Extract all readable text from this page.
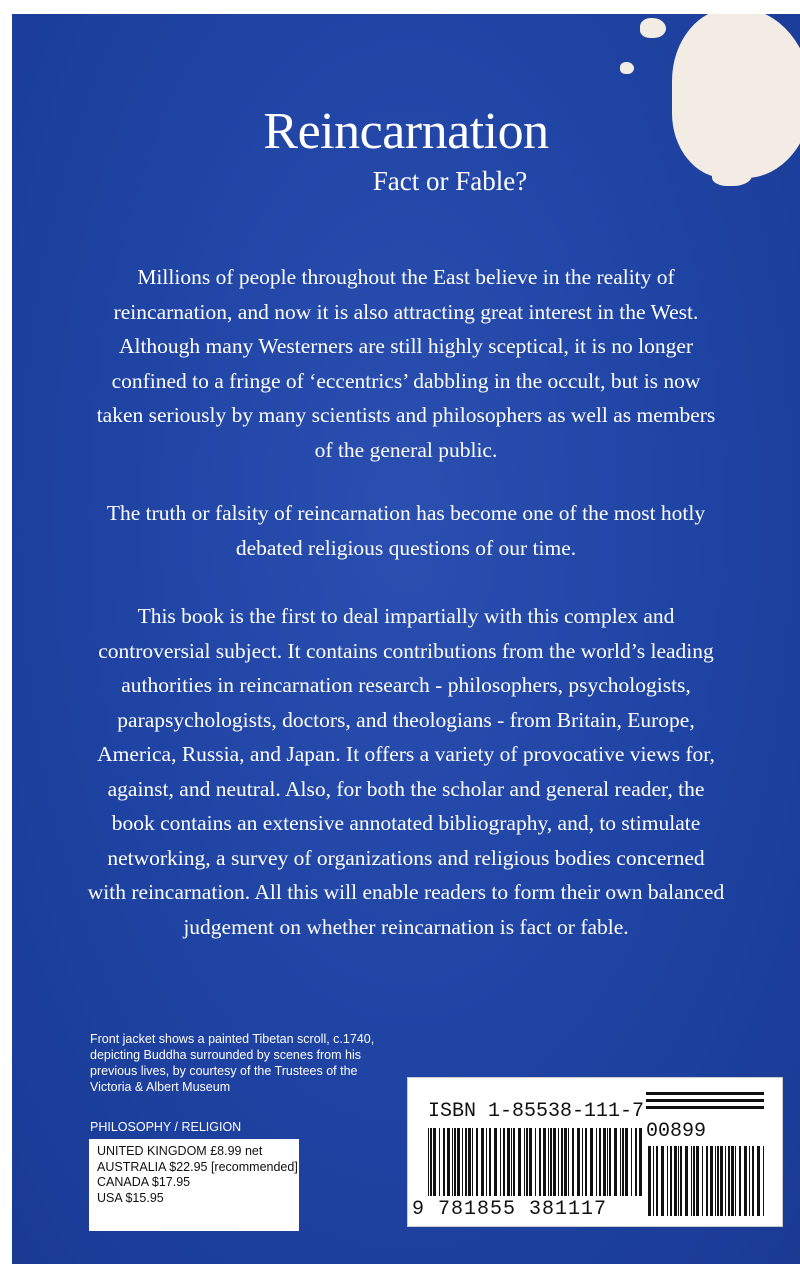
Reincarnation
Fact or Fable?

Millions of people throughout the East believe in the reality of reincarnation, and now it is also attracting great interest in the West. Although many Westerners are still highly sceptical, it is no longer confined to a fringe of ‘eccentrics’ dabbling in the occult, but is now taken seriously by many scientists and philosophers as well as members of the general public.

The truth or falsity of reincarnation has become one of the most hotly debated religious questions of our time.

This book is the first to deal impartially with this complex and controversial subject. It contains contributions from the world’s leading authorities in reincarnation research - philosophers, psychologists, parapsychologists, doctors, and theologians - from Britain, Europe, America, Russia, and Japan. It offers a variety of provocative views for, against, and neutral. Also, for both the scholar and general reader, the book contains an extensive annotated bibliography, and, to stimulate networking, a survey of organizations and religious bodies concerned with reincarnation. All this will enable readers to form their own balanced judgement on whether reincarnation is fact or fable.

Front jacket shows a painted Tibetan scroll, c.1740, depicting Buddha surrounded by scenes from his previous lives, by courtesy of the Trustees of the Victoria & Albert Museum

PHILOSOPHY / RELIGION
UNITED KINGDOM £8.99 net
AUSTRALIA $22.95 [recommended]
CANADA $17.95
USA $15.95
ISBN 1-85538-111-7
00899
9 781855 381117
